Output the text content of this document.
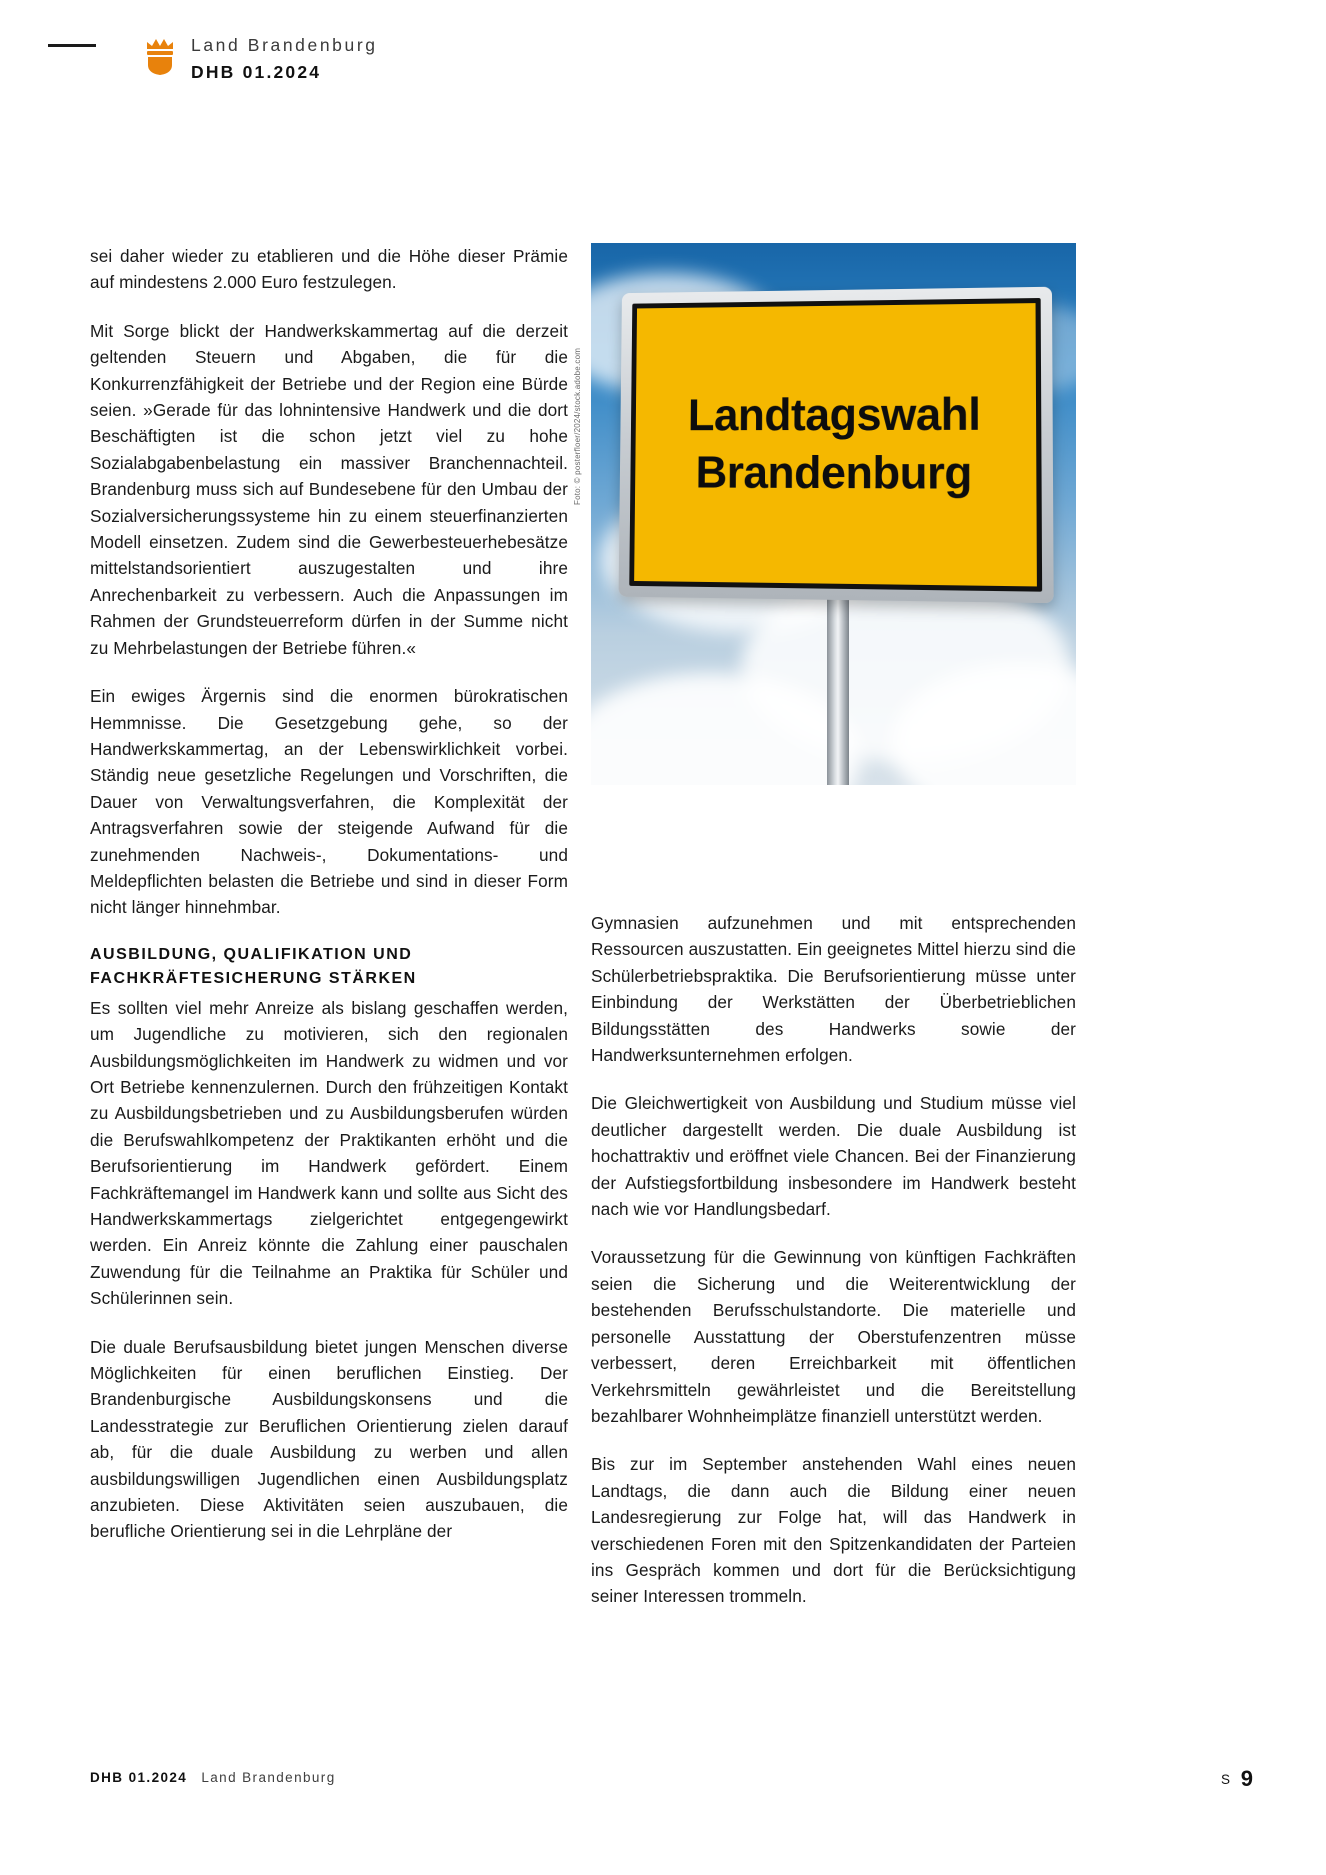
Land Brandenburg
DHB 01.2024
Landtagswahl
Brandenburg
Foto: © posterfloer/2024/stock.adobe.com

sei daher wieder zu etablieren und die Höhe dieser Prämie auf mindestens 2.000 Euro festzulegen.

Mit Sorge blickt der Handwerkskammertag auf die derzeit geltenden Steuern und Abgaben, die für die Konkurrenzfähigkeit der Betriebe und der Region eine Bürde seien. »Gerade für das lohnintensive Handwerk und die dort Beschäftigten ist die schon jetzt viel zu hohe Sozialabgabenbelastung ein massiver Branchennachteil. Brandenburg muss sich auf Bundesebene für den Umbau der Sozialversicherungssysteme hin zu einem steuerfinanzierten Modell einsetzen. Zudem sind die Gewerbesteuerhebesätze mittelstandsorientiert auszugestalten und ihre Anrechenbarkeit zu verbessern. Auch die Anpassungen im Rahmen der Grundsteuerreform dürfen in der Summe nicht zu Mehrbelastungen der Betriebe führen.«

Ein ewiges Ärgernis sind die enormen bürokratischen Hemmnisse. Die Gesetzgebung gehe, so der Handwerkskammertag, an der Lebenswirklichkeit vorbei. Ständig neue gesetzliche Regelungen und Vorschriften, die Dauer von Verwaltungsverfahren, die Komplexität der Antragsverfahren sowie der steigende Aufwand für die zunehmenden Nachweis-, Dokumentations- und Meldepflichten belasten die Betriebe und sind in dieser Form nicht länger hinnehmbar.

AUSBILDUNG, QUALIFIKATION UND FACHKRÄFTESICHERUNG STÄRKEN

Es sollten viel mehr Anreize als bislang geschaffen werden, um Jugendliche zu motivieren, sich den regionalen Ausbildungsmöglichkeiten im Handwerk zu widmen und vor Ort Betriebe kennenzulernen. Durch den frühzeitigen Kontakt zu Ausbildungsbetrieben und zu Ausbildungsberufen würden die Berufswahlkompetenz der Praktikanten erhöht und die Berufsorientierung im Handwerk gefördert. Einem Fachkräftemangel im Handwerk kann und sollte aus Sicht des Handwerkskammertags zielgerichtet entgegengewirkt werden. Ein Anreiz könnte die Zahlung einer pauschalen Zuwendung für die Teilnahme an Praktika für Schüler und Schülerinnen sein.

Die duale Berufsausbildung bietet jungen Menschen diverse Möglichkeiten für einen beruflichen Einstieg. Der Brandenburgische Ausbildungskonsens und die Landesstrategie zur Beruflichen Orientierung zielen darauf ab, für die duale Ausbildung zu werben und allen ausbildungswilligen Jugendlichen einen Ausbildungsplatz anzubieten. Diese Aktivitäten seien auszubauen, die berufliche Orientierung sei in die Lehrpläne der

Gymnasien aufzunehmen und mit entsprechenden Ressourcen auszustatten. Ein geeignetes Mittel hierzu sind die Schülerbetriebspraktika. Die Berufsorientierung müsse unter Einbindung der Werkstätten der Überbetrieblichen Bildungsstätten des Handwerks sowie der Handwerksunternehmen erfolgen.

Die Gleichwertigkeit von Ausbildung und Studium müsse viel deutlicher dargestellt werden. Die duale Ausbildung ist hochattraktiv und eröffnet viele Chancen. Bei der Finanzierung der Aufstiegsfortbildung insbesondere im Handwerk besteht nach wie vor Handlungsbedarf.

Voraussetzung für die Gewinnung von künftigen Fachkräften seien die Sicherung und die Weiterentwicklung der bestehenden Berufsschulstandorte. Die materielle und personelle Ausstattung der Oberstufenzentren müsse verbessert, deren Erreichbarkeit mit öffentlichen Verkehrsmitteln gewährleistet und die Bereitstellung bezahlbarer Wohnheimplätze finanziell unterstützt werden.

Bis zur im September anstehenden Wahl eines neuen Landtags, die dann auch die Bildung einer neuen Landesregierung zur Folge hat, will das Handwerk in verschiedenen Foren mit den Spitzenkandidaten der Parteien ins Gespräch kommen und dort für die Berücksichtigung seiner Interessen trommeln.

DHB 01.2024 Land Brandenburg	S 9
